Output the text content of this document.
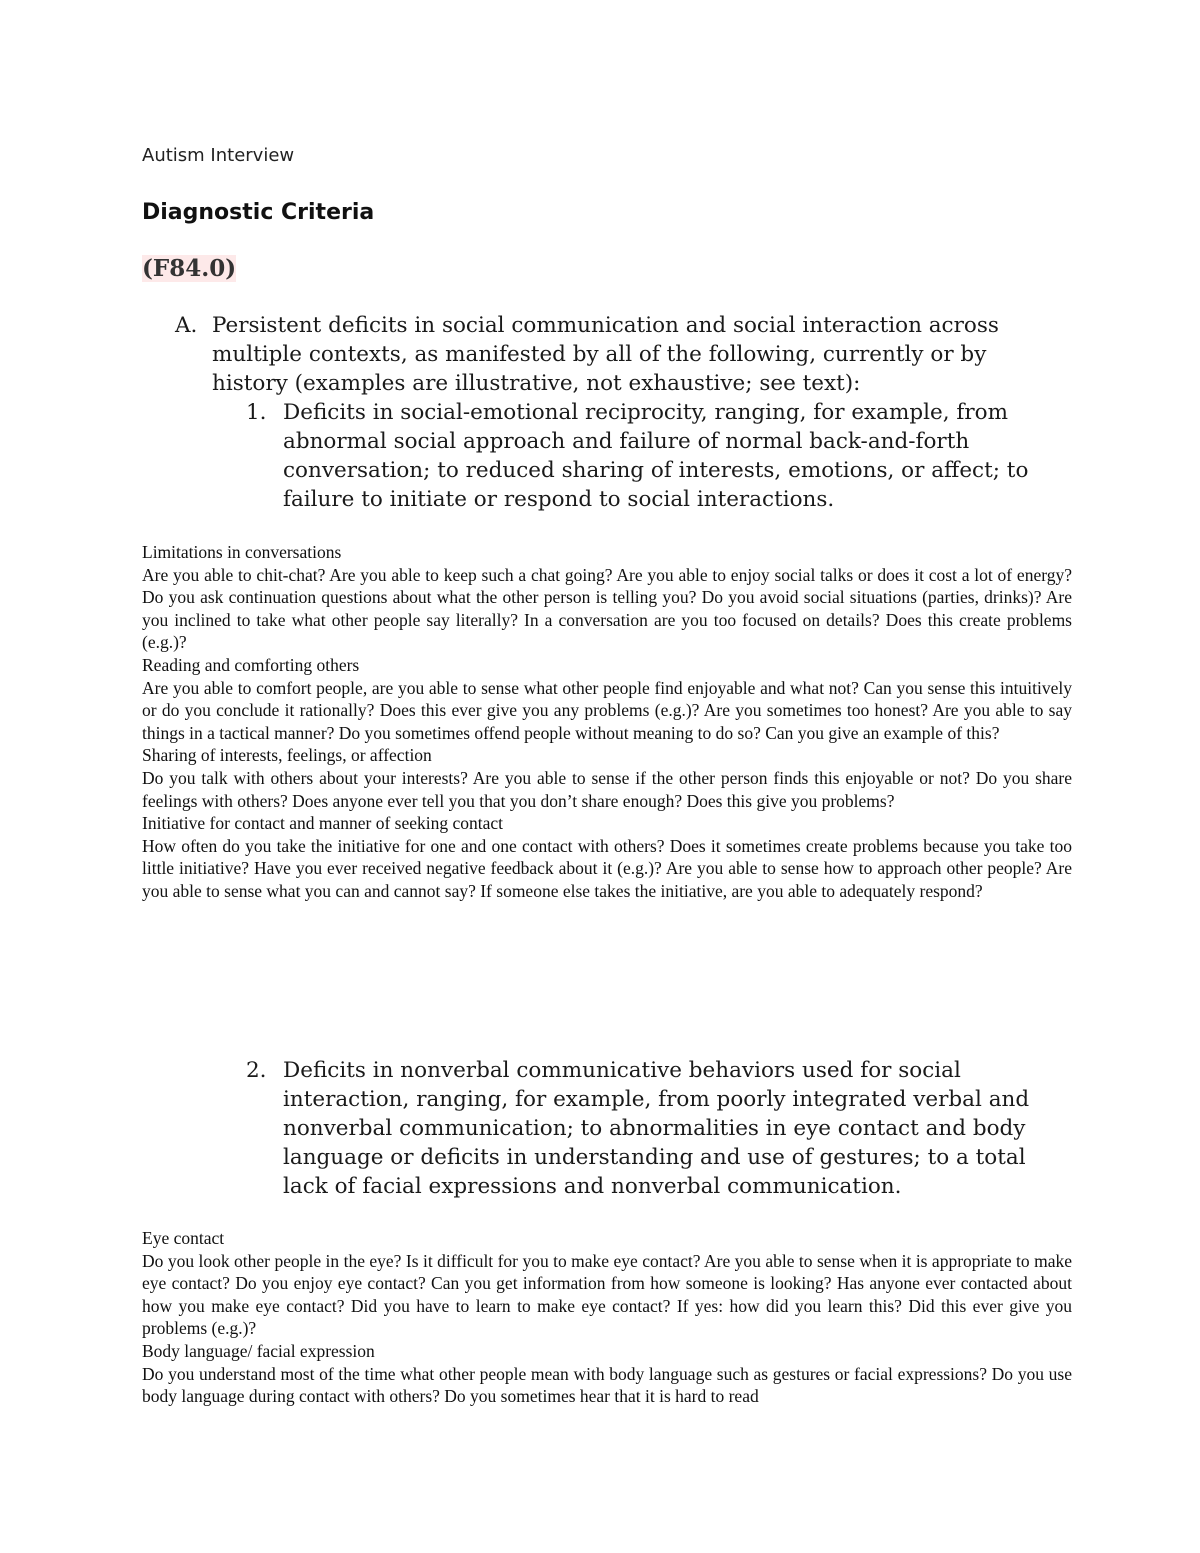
Autism Interview
Diagnostic Criteria
(F84.0)
A. Persistent deficits in social communication and social interaction across multiple contexts, as manifested by all of the following, currently or by history (examples are illustrative, not exhaustive; see text):
1. Deficits in social-emotional reciprocity, ranging, for example, from abnormal social approach and failure of normal back-and-forth conversation; to reduced sharing of interests, emotions, or affect; to failure to initiate or respond to social interactions.

Limitations in conversations

Are you able to chit-chat? Are you able to keep such a chat going? Are you able to enjoy social talks or does it cost a lot of energy? Do you ask continuation questions about what the other person is telling you? Do you avoid social situations (parties, drinks)? Are you inclined to take what other people say literally? In a conversation are you too focused on details? Does this create problems (e.g.)?

Reading and comforting others

Are you able to comfort people, are you able to sense what other people find enjoyable and what not? Can you sense this intuitively or do you conclude it rationally? Does this ever give you any problems (e.g.)? Are you sometimes too honest? Are you able to say things in a tactical manner? Do you sometimes offend people without meaning to do so? Can you give an example of this?

Sharing of interests, feelings, or affection

Do you talk with others about your interests? Are you able to sense if the other person finds this enjoyable or not? Do you share feelings with others? Does anyone ever tell you that you don’t share enough? Does this give you problems?

Initiative for contact and manner of seeking contact

How often do you take the initiative for one and one contact with others? Does it sometimes create problems because you take too little initiative? Have you ever received negative feedback about it (e.g.)? Are you able to sense how to approach other people? Are you able to sense what you can and cannot say? If someone else takes the initiative, are you able to adequately respond?

2. Deficits in nonverbal communicative behaviors used for social interaction, ranging, for example, from poorly integrated verbal and nonverbal communication; to abnormalities in eye contact and body language or deficits in understanding and use of gestures; to a total lack of facial expressions and nonverbal communication.

Eye contact

Do you look other people in the eye? Is it difficult for you to make eye contact? Are you able to sense when it is appropriate to make eye contact? Do you enjoy eye contact? Can you get information from how someone is looking? Has anyone ever contacted about how you make eye contact? Did you have to learn to make eye contact? If yes: how did you learn this? Did this ever give you problems (e.g.)?

Body language/ facial expression

Do you understand most of the time what other people mean with body language such as gestures or facial expressions? Do you use body language during contact with others? Do you sometimes hear that it is hard to read
